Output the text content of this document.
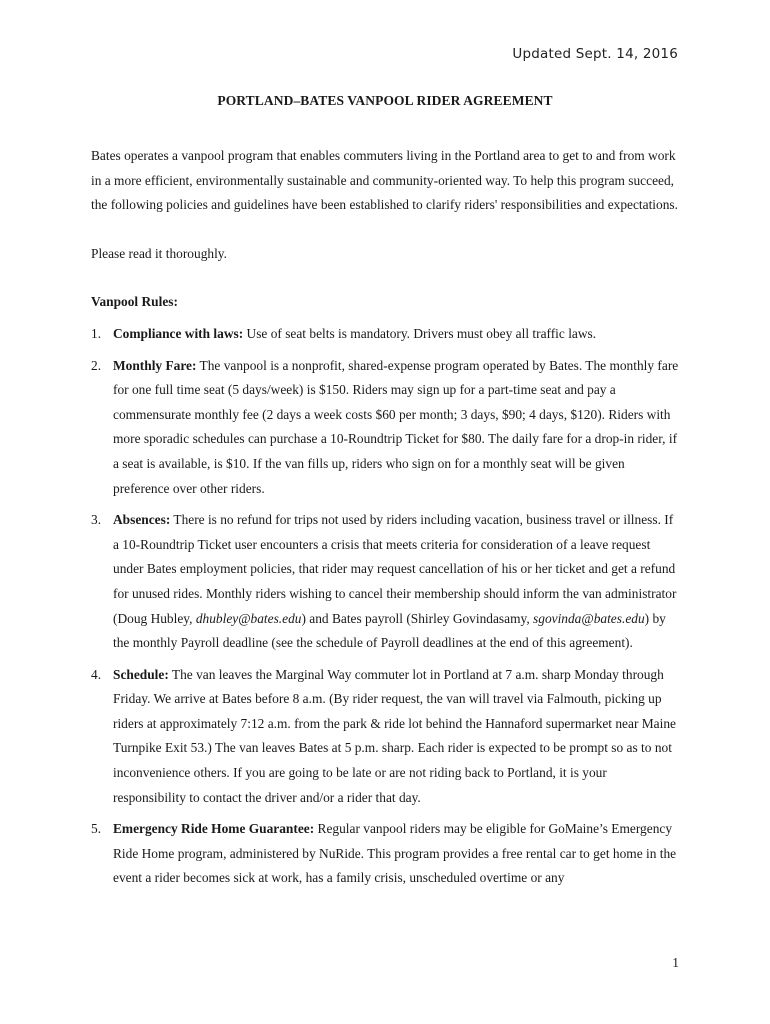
Updated Sept. 14, 2016
PORTLAND–BATES VANPOOL RIDER AGREEMENT

Bates operates a vanpool program that enables commuters living in the Portland area to get to and from work in a more efficient, environmentally sustainable and community-oriented way. To help this program succeed, the following policies and guidelines have been established to clarify riders' responsibilities and expectations.

Please read it thoroughly.

Vanpool Rules:

1. Compliance with laws: Use of seat belts is mandatory. Drivers must obey all traffic laws.
2. Monthly Fare: The vanpool is a nonprofit, shared-expense program operated by Bates. The monthly fare for one full time seat (5 days/week) is $150. Riders may sign up for a part-time seat and pay a commensurate monthly fee (2 days a week costs $60 per month; 3 days, $90; 4 days, $120). Riders with more sporadic schedules can purchase a 10-Roundtrip Ticket for $80. The daily fare for a drop-in rider, if a seat is available, is $10. If the van fills up, riders who sign on for a monthly seat will be given preference over other riders.
3. Absences: There is no refund for trips not used by riders including vacation, business travel or illness. If a 10-Roundtrip Ticket user encounters a crisis that meets criteria for consideration of a leave request under Bates employment policies, that rider may request cancellation of his or her ticket and get a refund for unused rides. Monthly riders wishing to cancel their membership should inform the van administrator (Doug Hubley, dhubley@bates.edu) and Bates payroll (Shirley Govindasamy, sgovinda@bates.edu) by the monthly Payroll deadline (see the schedule of Payroll deadlines at the end of this agreement).
4. Schedule: The van leaves the Marginal Way commuter lot in Portland at 7 a.m. sharp Monday through Friday. We arrive at Bates before 8 a.m. (By rider request, the van will travel via Falmouth, picking up riders at approximately 7:12 a.m. from the park & ride lot behind the Hannaford supermarket near Maine Turnpike Exit 53.) The van leaves Bates at 5 p.m. sharp. Each rider is expected to be prompt so as to not inconvenience others. If you are going to be late or are not riding back to Portland, it is your responsibility to contact the driver and/or a rider that day.
5. Emergency Ride Home Guarantee: Regular vanpool riders may be eligible for GoMaine’s Emergency Ride Home program, administered by NuRide. This program provides a free rental car to get home in the event a rider becomes sick at work, has a family crisis, unscheduled overtime or any
1
